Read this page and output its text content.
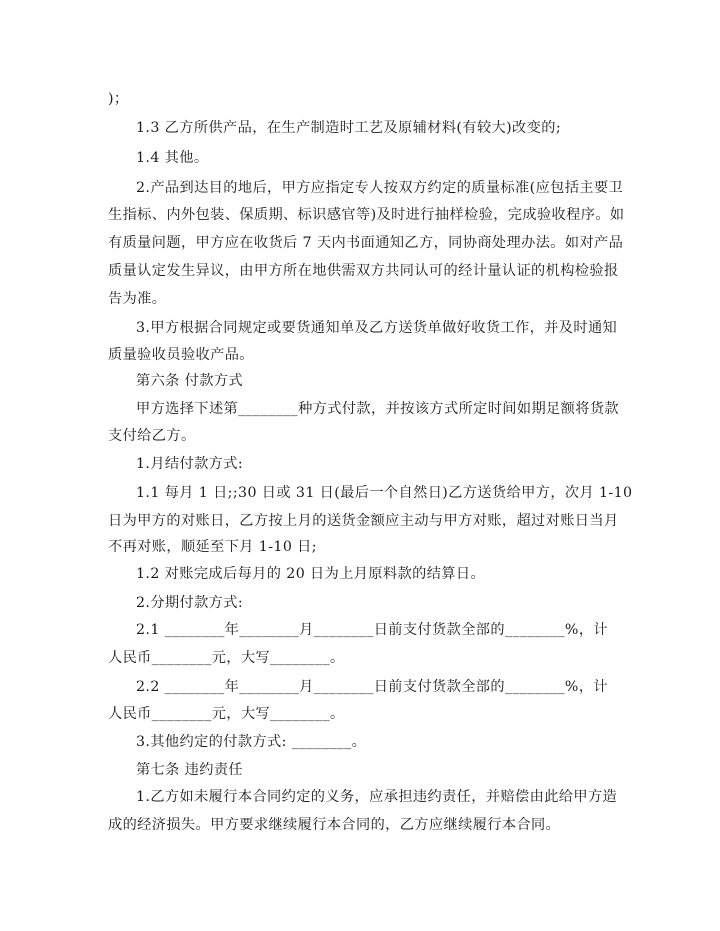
)；
1.3 乙方所供产品，在生产制造时工艺及原辅材料(有较大)改变的;
1.4 其他。
2.产品到达目的地后，甲方应指定专人按双方约定的质量标准(应包括主要卫
生指标、内外包装、保质期、标识感官等)及时进行抽样检验，完成验收程序。如
有质量问题，甲方应在收货后 7 天内书面通知乙方，同协商处理办法。如对产品
质量认定发生异议，由甲方所在地供需双方共同认可的经计量认证的机构检验报
告为准。
3.甲方根据合同规定或要货通知单及乙方送货单做好收货工作，并及时通知
质量验收员验收产品。
第六条 付款方式
甲方选择下述第________种方式付款，并按该方式所定时间如期足额将货款
支付给乙方。
1.月结付款方式:
1.1 每月 1 日;;30 日或 31 日(最后一个自然日)乙方送货给甲方，次月 1-10
日为甲方的对账日，乙方按上月的送货金额应主动与甲方对账，超过对账日当月
不再对账，顺延至下月 1-10 日;
1.2 对账完成后每月的 20 日为上月原料款的结算日。
2.分期付款方式:
2.1 ________年________月________日前支付货款全部的________%，计
人民币________元，大写________。
2.2 ________年________月________日前支付货款全部的________%，计
人民币________元，大写________。
3.其他约定的付款方式: ________。
第七条 违约责任
1.乙方如未履行本合同约定的义务，应承担违约责任，并赔偿由此给甲方造
成的经济损失。甲方要求继续履行本合同的，乙方应继续履行本合同。
